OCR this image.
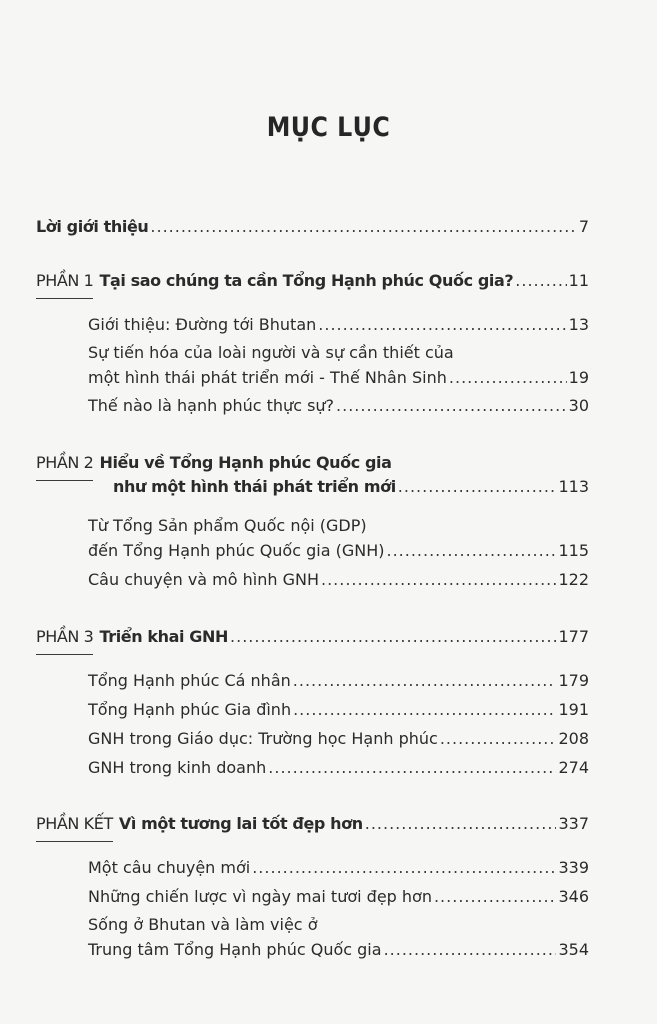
MỤC LỤC
Lời giới thiệu .....	7
PHẦN 1 Tại sao chúng ta cần Tổng Hạnh phúc Quốc gia? .....	11
Giới thiệu: Đường tới Bhutan .....	13
Sự tiến hóa của loài người và sự cần thiết của
một hình thái phát triển mới - Thế Nhân Sinh .....	19
Thế nào là hạnh phúc thực sự? .....	30
PHẦN 2 Hiểu về Tổng Hạnh phúc Quốc gia
như một hình thái phát triển mới .....	113
Từ Tổng Sản phẩm Quốc nội (GDP)
đến Tổng Hạnh phúc Quốc gia (GNH) .....	115
Câu chuyện và mô hình GNH .....	122
PHẦN 3 Triển khai GNH .....	177
Tổng Hạnh phúc Cá nhân .....	179
Tổng Hạnh phúc Gia đình .....	191
GNH trong Giáo dục: Trường học Hạnh phúc .....	208
GNH trong kinh doanh .....	274
PHẦN KẾT Vì một tương lai tốt đẹp hơn .....	337
Một câu chuyện mới .....	339
Những chiến lược vì ngày mai tươi đẹp hơn .....	346
Sống ở Bhutan và làm việc ở
Trung tâm Tổng Hạnh phúc Quốc gia .....	354
